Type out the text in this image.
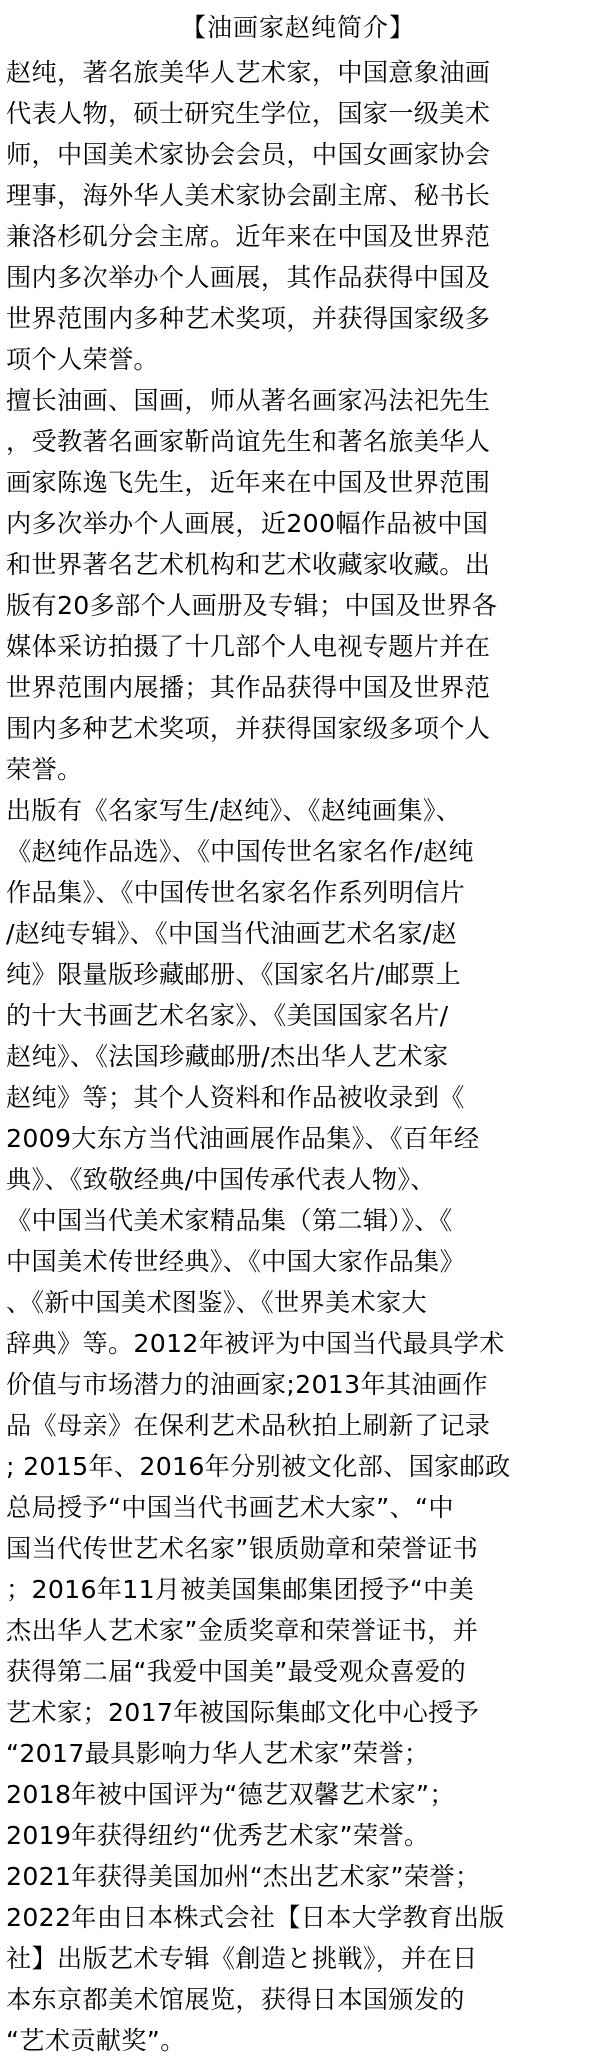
【油画家赵纯简介】
赵纯，著名旅美华人艺术家，中国意象油画
代表人物，硕士研究生学位，国家一级美术
师，中国美术家协会会员，中国女画家协会
理事，海外华人美术家协会副主席、秘书长
兼洛杉矶分会主席。近年来在中国及世界范
围内多次举办个人画展，其作品获得中国及
世界范围内多种艺术奖项，并获得国家级多
项个人荣誉。
擅长油画、国画，师从著名画家冯法祀先生
，受教著名画家靳尚谊先生和著名旅美华人
画家陈逸飞先生，近年来在中国及世界范围
内多次举办个人画展，近200幅作品被中国
和世界著名艺术机构和艺术收藏家收藏。出
版有20多部个人画册及专辑；中国及世界各
媒体采访拍摄了十几部个人电视专题片并在
世界范围内展播；其作品获得中国及世界范
围内多种艺术奖项，并获得国家级多项个人
荣誉。
出版有《名家写生/赵纯》、《赵纯画集》、
《赵纯作品选》、《中国传世名家名作/赵纯
作品集》、《中国传世名家名作系列明信片
/赵纯专辑》、《中国当代油画艺术名家/赵
纯》限量版珍藏邮册、《国家名片/邮票上
的十大书画艺术名家》、《美国国家名片/
赵纯》、《法国珍藏邮册/杰出华人艺术家
赵纯》等；其个人资料和作品被收录到《
2009大东方当代油画展作品集》、《百年经
典》、《致敬经典/中国传承代表人物》、
《中国当代美术家精品集（第二辑）》、《
中国美术传世经典》、《中国大家作品集》
、《新中国美术图鉴》、《世界美术家大
辞典》等。2012年被评为中国当代最具学术
价值与市场潜力的油画家;2013年其油画作
品《母亲》在保利艺术品秋拍上刷新了记录
; 2015年、2016年分别被文化部、国家邮政
总局授予“中国当代书画艺术大家”、“中
国当代传世艺术名家”银质勋章和荣誉证书
；2016年11月被美国集邮集团授予“中美
杰出华人艺术家”金质奖章和荣誉证书，并
获得第二届“我爱中国美”最受观众喜爱的
艺术家；2017年被国际集邮文化中心授予
“2017最具影响力华人艺术家”荣誉；
2018年被中国评为“德艺双馨艺术家”；
2019年获得纽约“优秀艺术家”荣誉。
2021年获得美国加州“杰出艺术家”荣誉；
2022年由日本株式会社【日本大学教育出版
社】出版艺术专辑《創造と挑戦》，并在日
本东京都美术馆展览，获得日本国颁发的
“艺术贡献奖”。
